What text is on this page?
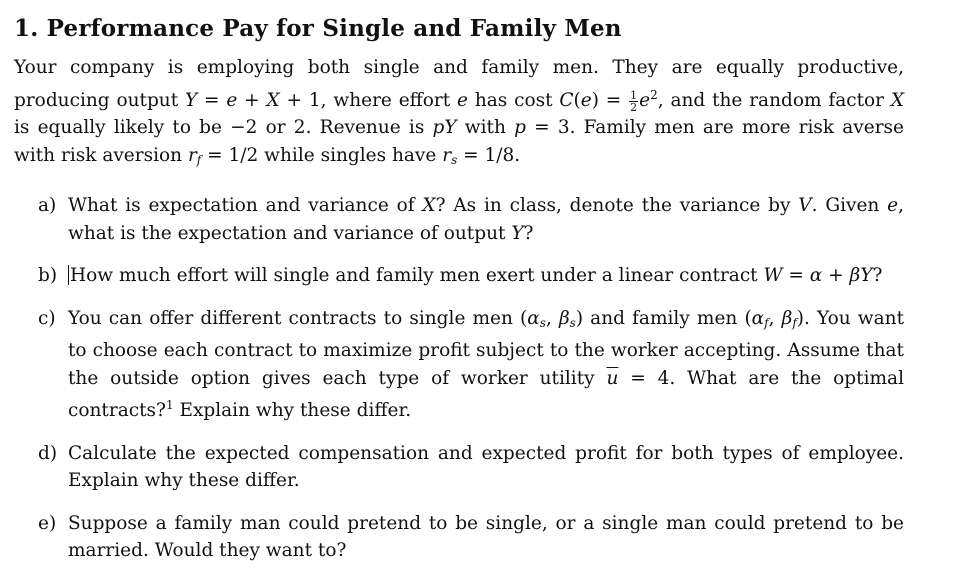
1. Performance Pay for Single and Family Men

Your company is employing both single and family men. They are equally productive, producing output Y = e + X + 1, where effort e has cost $C(e) = \frac{1}{2} e^2$, and the random factor X is equally likely to be −2 or 2. Revenue is pY with p = 3. Family men are more risk averse with risk aversion $r_f = 1/2$ while singles have $r_s = 1/8$.

a) What is expectation and variance of X? As in class, denote the variance by V. Given e, what is the expectation and variance of output Y?
b) How much effort will single and family men exert under a linear contract W = α + βY?
c) You can offer different contracts to single men ($\alpha_s$, $\beta_s$) and family men ($\alpha_f$, $\beta_f$). You want to choose each contract to maximize profit subject to the worker accepting. Assume that the outside option gives each type of worker utility $\overline{u} = 4$. What are the optimal contracts?$^1$ Explain why these differ.
d) Calculate the expected compensation and expected profit for both types of employee. Explain why these differ.
e) Suppose a family man could pretend to be single, or a single man could pretend to be married. Would they want to?
